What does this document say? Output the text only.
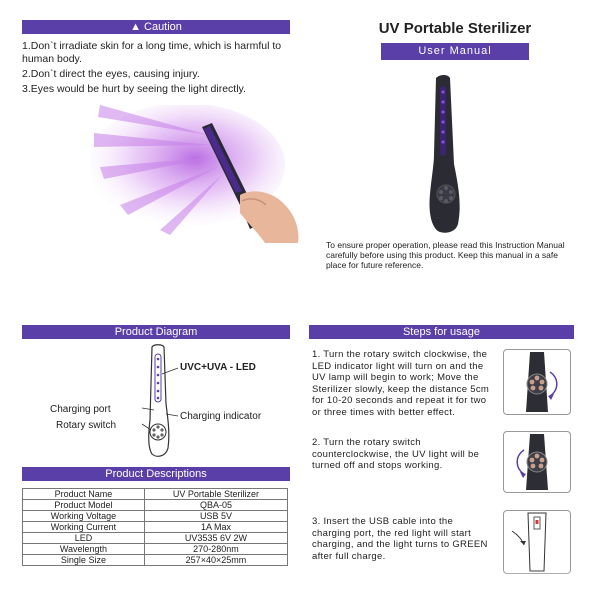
▲ Caution
1.Don`t irradiate skin for a long time, which is harmful to human body.
2.Don`t direct the eyes, causing injury.
3.Eyes would be hurt by seeing the light directly.
UV Portable Sterilizer
User Manual
To ensure proper operation, please read this Instruction Manual carefully before using this product. Keep this manual in a safe place for future reference.
Product Diagram
UVC+UVA - LED
Charging port
Charging indicator
Rotary switch
Product Descriptions
Product Name	UV Portable Sterilizer
Product Model	QBA-05
Working Voltage	USB 5V
Working Current	1A Max
LED	UV3535 6V 2W
Wavelength	270-280nm
Single Size	257×40×25mm
Steps for usage
1. Turn the rotary switch clockwise, the LED indicator light will turn on and the UV lamp will begin to work; Move the Sterilizer slowly, keep the distance 5cm for 10-20 seconds and repeat it for two or three times with better effect.
2. Turn the rotary switch counterclockwise, the UV light will be turned off and stops working.
3. Insert the USB cable into the charging port, the red light will start charging, and the light turns to GREEN after full charge.
